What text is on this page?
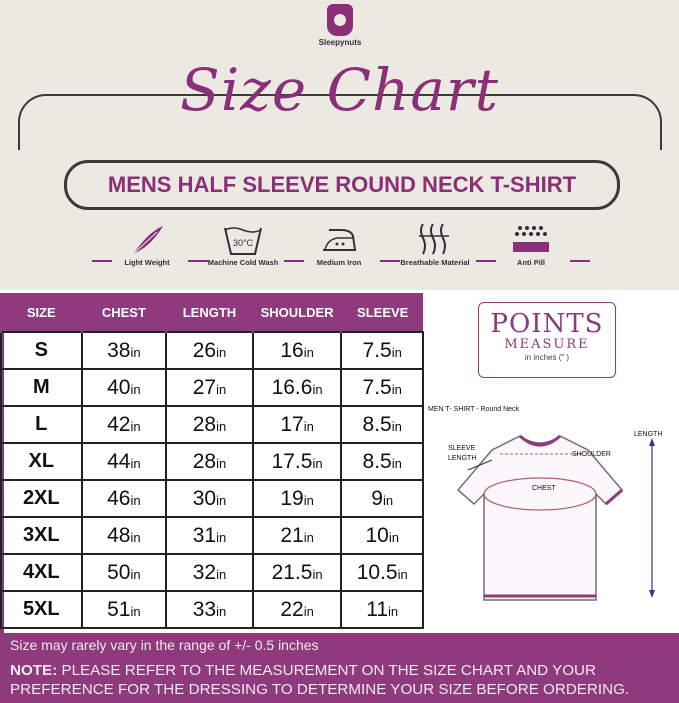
Sleepynuts
Size Chart
MENS HALF SLEEVE ROUND NECK T-SHIRT
Light Weight
30°C
Machine Cold Wash	Medium Iron	Breathable Material	Anti Pill
SIZE	CHEST	LENGTH	SHOULDER	SLEEVE
S	38in	26in	16in	7.5in
M	40in	27in	16.6in	7.5in
L	42in	28in	17in	8.5in
XL	44in	28in	17.5in	8.5in
2XL	46in	30in	19in	9in
3XL	48in	31in	21in	10in
4XL	50in	32in	21.5in	10.5in
5XL	51in	33in	22in	11in
POINTS
MEASURE
in inches (" )
MEN T- SHIRT - Round Neck
LENGTH
SLEEVE
LENGTH
SHOULDER
CHEST
Size may rarely vary in the range of +/- 0.5 inches
NOTE: PLEASE REFER TO THE MEASUREMENT ON THE SIZE CHART AND YOUR PREFERENCE FOR THE DRESSING TO DETERMINE YOUR SIZE BEFORE ORDERING.
